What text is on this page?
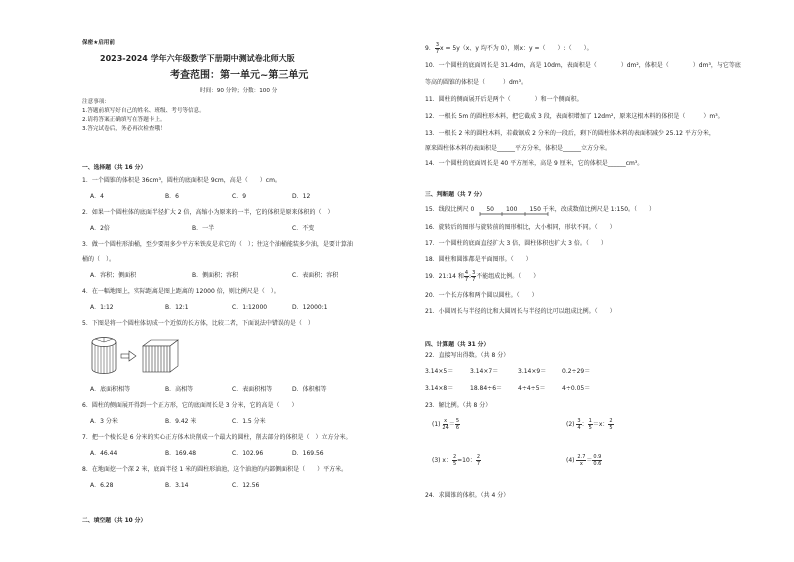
保密★启用前
2023-2024 学年六年级数学下册期中测试卷北师大版
考查范围：第一单元~第三单元
时间：90 分钟；分数：100 分
注意事项：
1.答题前填写好自己的姓名、班级、考号等信息。
2.请将答案正确填写在答题卡上。
3.答完试卷后，务必再次检查哦！
一、选择题（共 16 分）
1．一个圆锥的体积是 36cm³，圆柱的底面积是 9cm，高是（　　）cm。
A．4	B．6	C．9	D．12
2．如果一个圆柱体的底面半径扩大 2 倍，高缩小为原来的一半，它的体积是原来体积的（　）
A．2倍	B．一半	C．不变
3．做一个圆柱形油桶，至少要用多少平方米铁皮是求它的（　）；往这个油桶能装多少油，是要计算油
桶的（　）。
A．容积；侧面积	B．侧面积；容积	C．表面积；容积
4．在一幅地图上，实际距离是图上距离的 12000 倍，则比例尺是（　）。
A．1:12	B．12:1	C．1:12000	D．12000:1
5．下图是将一个圆柱体切成一个近似的长方体，比较二者，下面说法中错误的是（　）
A．底面积相等	B．高相等	C．表面积相等	D．体积相等
6．圆柱的侧面展开得到一个正方形，它的底面周长是 3 分米，它的高是（　　）
A．3 分米	B．9.42 米	C．1.5 分米
7．把一个棱长是 6 分米的实心正方体木块削成一个最大的圆柱，削去部分的体积是（　）立方分米。
A．46.44	B．169.48	C．102.96	D．169.56
8．在地面挖一个深 2 米，底面半径 1 米的圆柱形油池，这个油池的内部侧面积是（　　）平方米。
A．6.28	B．3.14	C．12.56
二、填空题（共 10 分）
9． $\frac{3}{7}$ x = 5y（x、y 均不为 0），则x：y =（　　）:（　　）。
10．一个圆柱的底面周长是 31.4dm，高是 10dm，表面积是（　　　　）dm²，体积是（　　　　）dm³，与它等底
等高的圆锥的体积是（　　　）dm³。
11．圆柱的侧面展开后是两个（　　　　）和一个侧面积。
12．一根长 5m 的圆柱形木料，把它截成 3 段，表面积增加了 12dm²，原来这根木料的体积是（　　　）m³。
13．一根长 2 米的圆柱木料，若截锯成 2 分米的一段后，剩下的圆柱体木料的表面积减少 25.12 平方分米，
原来圆柱体木料的表面积是______平方分米，体积是______立方分米。
14．一个圆柱的底面周长是 40 平方厘米，高是 9 厘米，它的体积是______cm³。
三、判断题（共 7 分）
15．线段比例尺 0　　50　　100　　150 千米，改成数值比例尺是 1:150。（　　）
16．旋转后的图形与旋转前的图形相比，大小相同，形状不同。（　　）
17．一个圆柱的底面直径扩大 3 倍，圆柱体积也扩大 3 倍。（　　）
18．圆柱和圆锥都是平面图形。（　　）
19．21:14 和 $\frac{4}{7}$ : $\frac{3}{7}$ 不能组成比例。（　　）
20．一个长方体和两个圆以圆柱。（　　）
21．小圆周长与半径的比和大圆周长与半径的比可以组成比例。（　　）
四、计算题（共 31 分）
22．直接写出得数。（共 8 分）
3.14×5＝	3.14×7＝	3.14×9＝	0.2÷29＝
3.14×8＝	18.84÷6＝	4÷4÷5＝	4÷0.05＝
23．解比例。（共 8 分）
$(1) \frac{x}{24} = \frac{5}{6}$	$(2) \frac{3}{4}$ ： $\frac{1}{5} =x$： $\frac{2}{5}$
(3) x： $\frac{2}{5} =10$： $\frac{2}{7}$	$(4) \frac{2.7}{x} = \frac{0.9}{0.6}$
24．求圆锥的体积。（共 4 分）
